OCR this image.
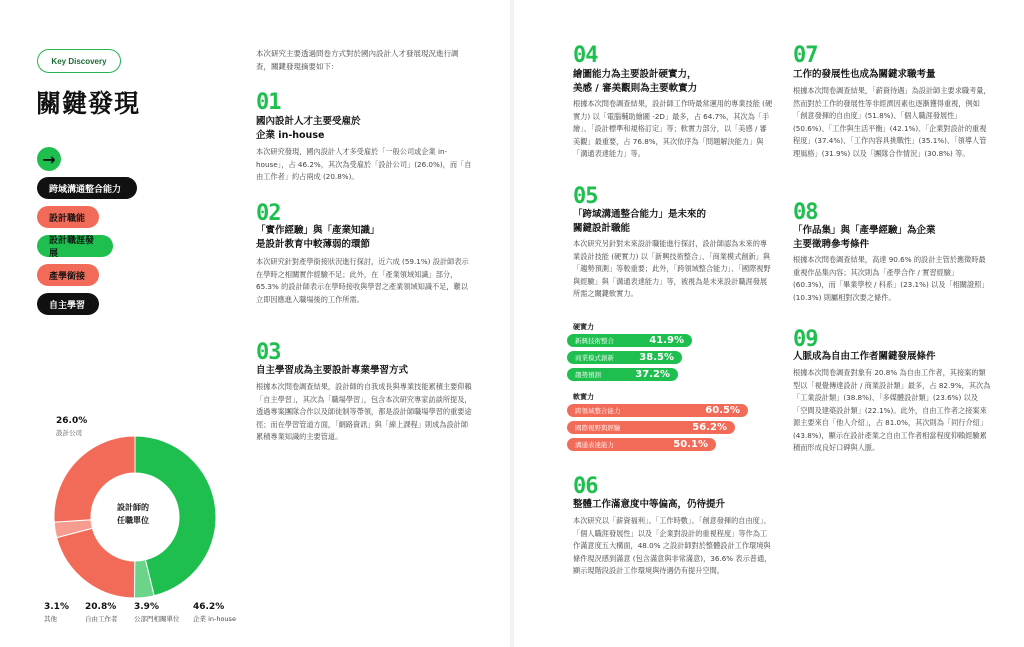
Key Discovery
關鍵發現
→
跨域溝通整合能力
設計職能
設計職涯發展
產學銜接
自主學習
本次研究主要透過問卷方式對於國內設計人才發展現況進行調查，關鍵發現摘要如下：
設計師的
任職單位
26.0%
設計公司
3.1%
其他
20.8%
自由工作者
3.9%
公部門相關單位
46.2%
企業 in-house
01
國內設計人才主要受雇於
企業 in-house
本次研究發現，國內設計人才多受雇於「一般公司或企業 in-house」，占 46.2%，其次為受雇於「設計公司」(26.0%)，而「自由工作者」約占兩成 (20.8%)。
02
「實作經驗」與「產業知識」
是設計教育中較薄弱的環節
本次研究針對產學銜接狀況進行探討，近六成 (59.1%) 設計師表示在學時之相關實作經驗不足；此外，在「產業領域知識」部分，65.3% 的設計師表示在學時接收與學習之產業領域知識不足，難以立即因應進入職場後的工作所需。
03
自主學習成為主要設計專業學習方式
根據本次問卷調查結果，設計師的自我成長與專業技能累積主要仰賴「自主學習」，其次為「職場學習」，包含本次研究專家訪談所提及，透過專案團隊合作以及師徒制等帶領，都是設計師職場學習的重要途徑；而在學習管道方面，「網路資訊」與「線上課程」則成為設計師累積專業知識的主要管道。
04
繪圖能力為主要設計硬實力，
美感 / 審美觀則為主要軟實力
根據本次問卷調查結果，設計師工作時最常運用的專業技能 (硬實力) 以「電腦輔助繪圖 -2D」最多，占 64.7%，其次為「手繪」、「設計標準和規格訂定」等；軟實力部分，以「美感 / 審美觀」最重要，占 76.8%，其次依序為「問題解決能力」與「溝通表達能力」等。
05
「跨域溝通整合能力」是未來的
關鍵設計職能
本次研究另針對未來設計職能進行探討，設計師認為未來的專業設計技能 (硬實力) 以「新興技術整合」、「商業模式創新」與「趨勢預測」等較重要；此外，「跨領域整合能力」、「國際視野與經驗」與「溝通表達能力」等，被視為是未來設計職涯發展所需之關鍵軟實力。
硬實力
新興技術整合	41.9%
商業模式創新	38.5%
趨勢預測	37.2%
軟實力
跨領域整合能力	60.5%
國際視野與經驗	56.2%
溝通表達能力	50.1%
06
整體工作滿意度中等偏高，仍待提升
本次研究以「薪資福利」、「工作時數」、「創意發揮的自由度」、「個人職涯發展性」以及「企業對設計的重視程度」等作為工作滿意度五大構面，48.0% 之設計師對於整體設計工作環境與條件現況感到滿意 (包含滿意與非常滿意)，36.6% 表示普通，顯示現階段設計工作環境與待遇仍有提升空間。
07
工作的發展性也成為關鍵求職考量
根據本次問卷調查結果，「薪資待遇」為設計師主要求職考量，然而對於工作的發展性等非經濟因素也逐漸獲得重視，例如「創意發揮的自由度」(51.8%)、「個人職涯發展性」(50.6%)、「工作與生活平衡」(42.1%)、「企業對設計的重視程度」(37.4%)、「工作內容具挑戰性」(35.1%)、「領導人管理風格」(31.9%) 以及「團隊合作情況」(30.8%) 等。
08
「作品集」與「產學經驗」為企業
主要徵聘參考條件
根據本次問卷調查結果，高達 90.6% 的設計主管於應徵時最重視作品集內容；其次則為「產學合作 / 實習經驗」(60.3%)，而「畢業學校 / 科系」(23.1%) 以及「相關證照」(10.3%) 則屬相對次要之條件。
09
人脈成為自由工作者關鍵發展條件
根據本次問卷調查對象有 20.8% 為自由工作者，其接案的類型以「視覺傳達設計 / 商業設計類」最多，占 82.9%，其次為「工業設計類」(38.8%)、「多媒體設計類」(23.6%) 以及「空間及建築設計類」(22.1%)。此外，自由工作者之接案來源主要來自「他人介紹」，占 81.0%，其次則為「同行介紹」(43.8%)，顯示在設計產業之自由工作者相當程度仰賴經驗累積而形成良好口碑與人脈。
